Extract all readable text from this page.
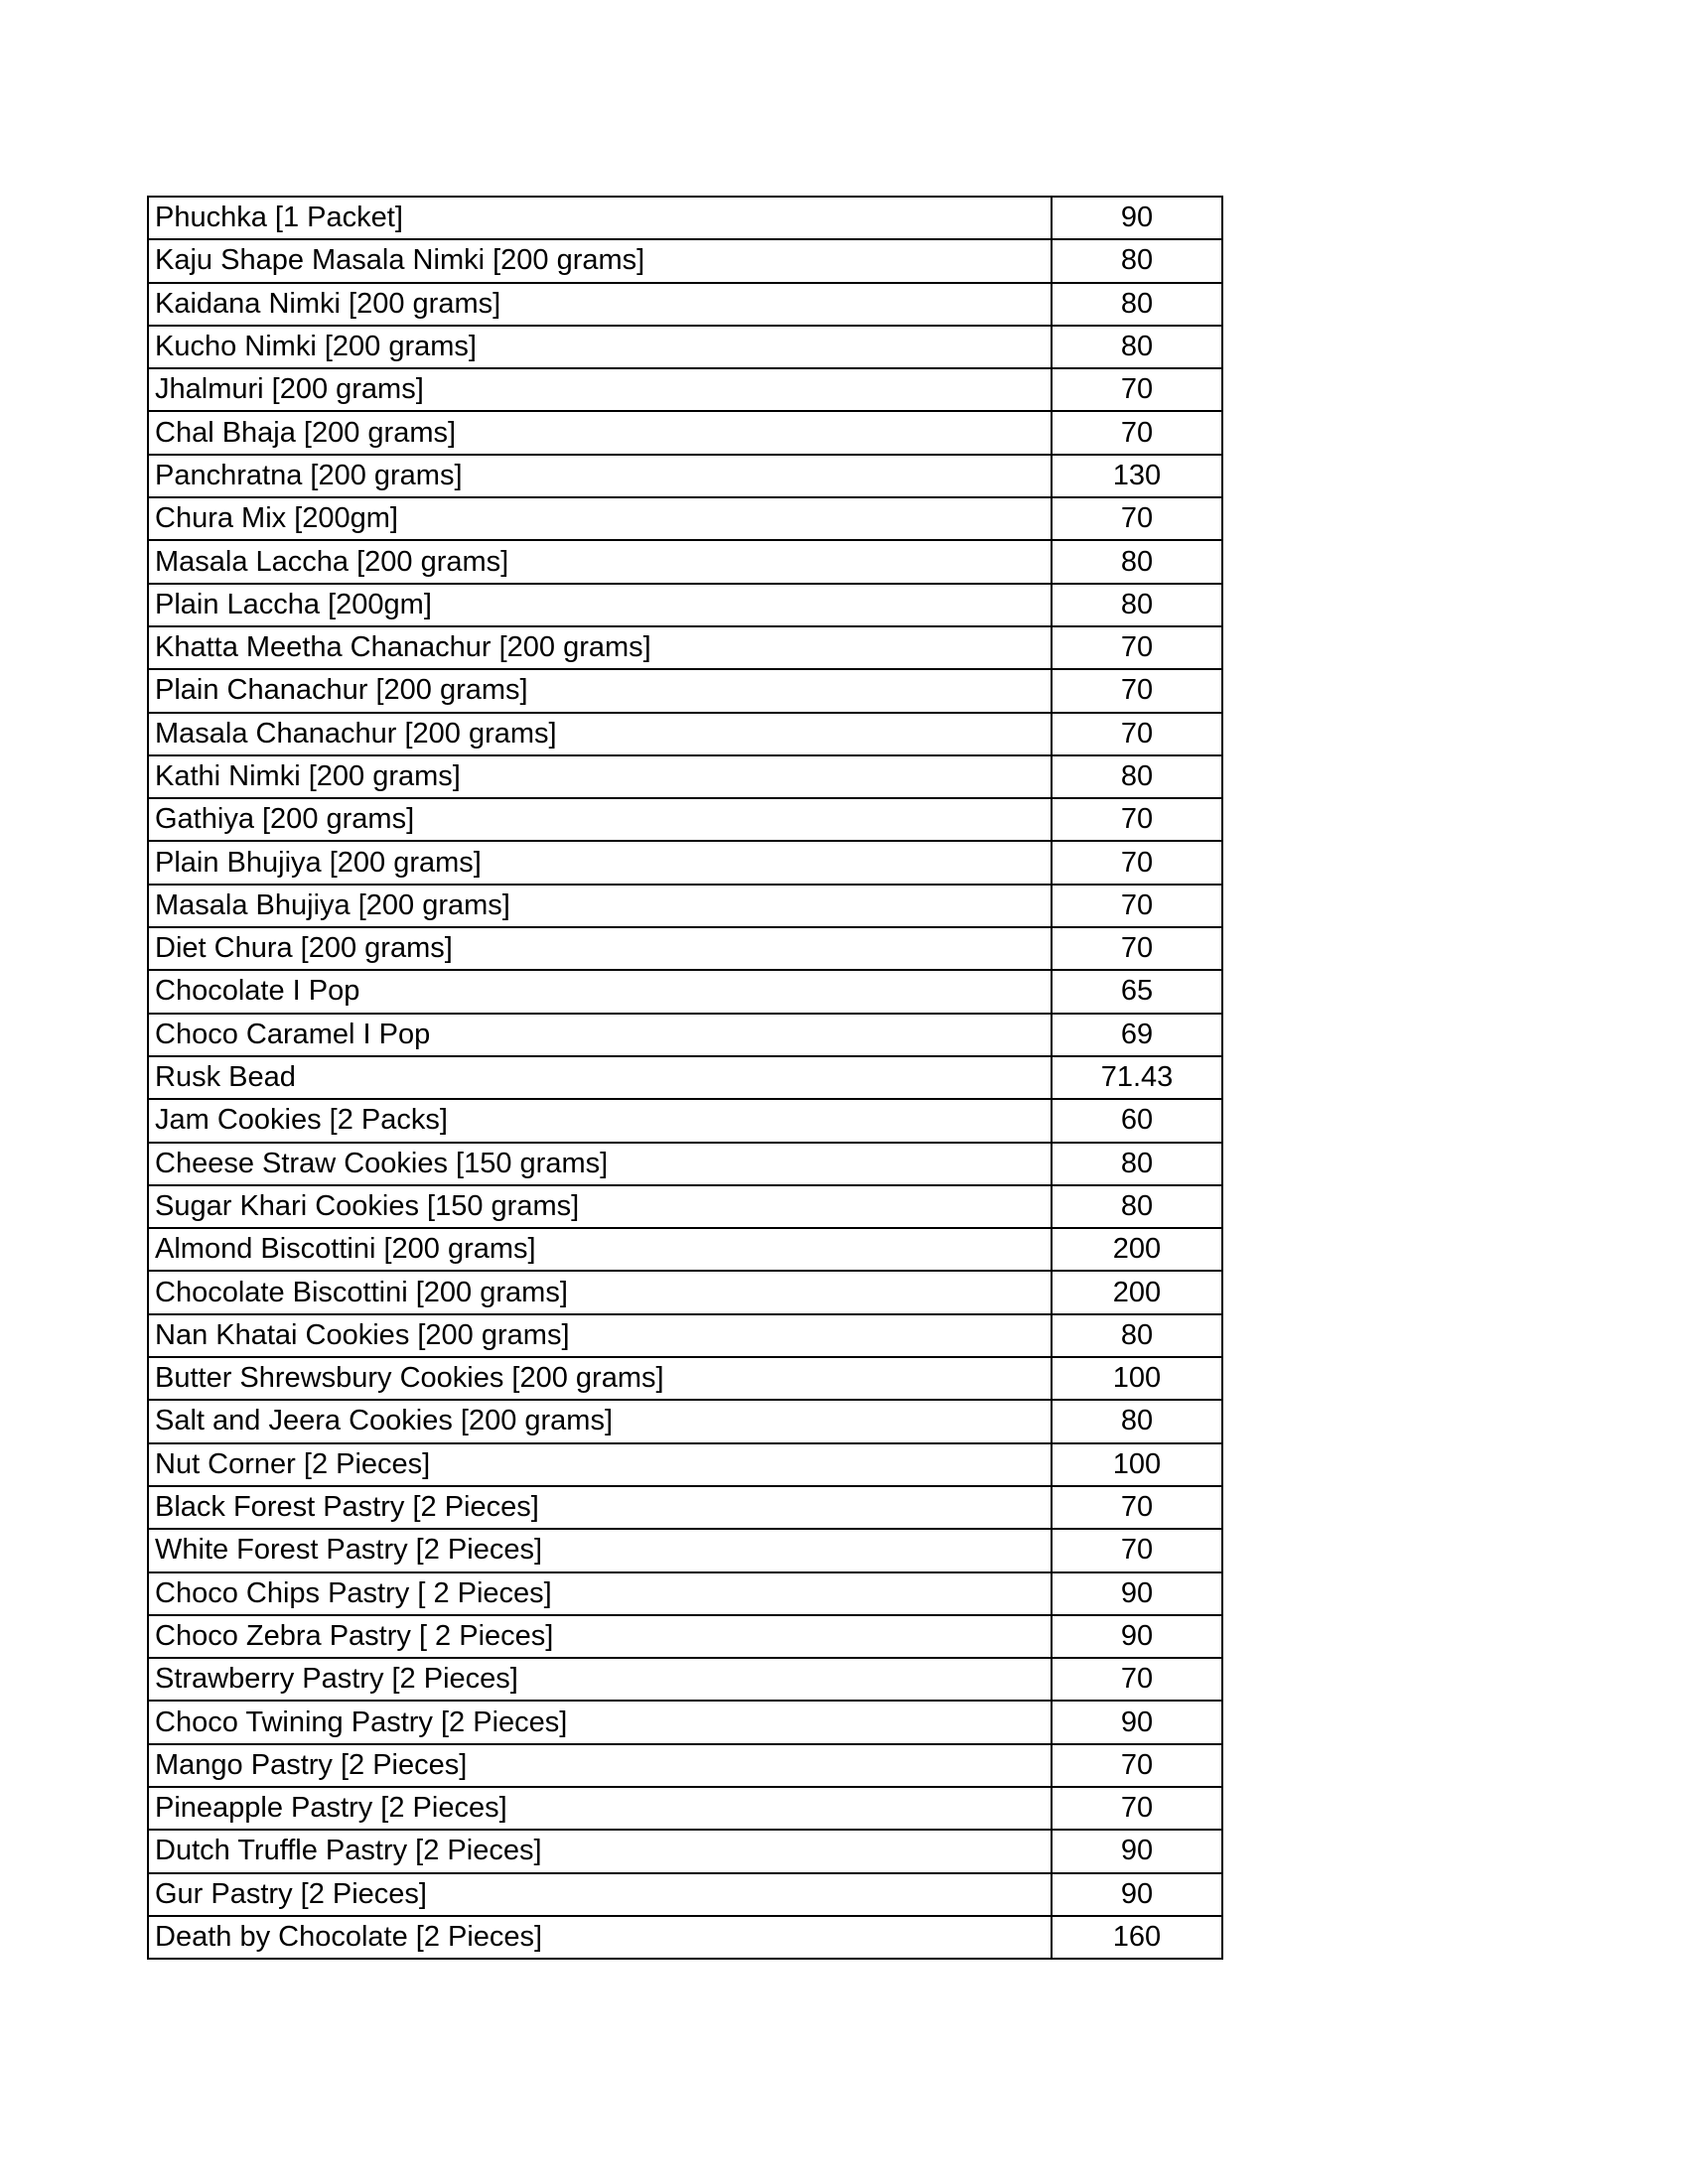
Phuchka [1 Packet]	90
Kaju Shape Masala Nimki [200 grams]	80
Kaidana Nimki [200 grams]	80
Kucho Nimki [200 grams]	80
Jhalmuri [200 grams]	70
Chal Bhaja [200 grams]	70
Panchratna [200 grams]	130
Chura Mix [200gm]	70
Masala Laccha [200 grams]	80
Plain Laccha [200gm]	80
Khatta Meetha Chanachur [200 grams]	70
Plain Chanachur [200 grams]	70
Masala Chanachur [200 grams]	70
Kathi Nimki [200 grams]	80
Gathiya [200 grams]	70
Plain Bhujiya [200 grams]	70
Masala Bhujiya [200 grams]	70
Diet Chura [200 grams]	70
Chocolate I Pop	65
Choco Caramel I Pop	69
Rusk Bead	71.43
Jam Cookies [2 Packs]	60
Cheese Straw Cookies [150 grams]	80
Sugar Khari Cookies [150 grams]	80
Almond Biscottini [200 grams]	200
Chocolate Biscottini [200 grams]	200
Nan Khatai Cookies [200 grams]	80
Butter Shrewsbury Cookies [200 grams]	100
Salt and Jeera Cookies [200 grams]	80
Nut Corner [2 Pieces]	100
Black Forest Pastry [2 Pieces]	70
White Forest Pastry [2 Pieces]	70
Choco Chips Pastry [ 2 Pieces]	90
Choco Zebra Pastry [ 2 Pieces]	90
Strawberry Pastry [2 Pieces]	70
Choco Twining Pastry [2 Pieces]	90
Mango Pastry [2 Pieces]	70
Pineapple Pastry [2 Pieces]	70
Dutch Truffle Pastry [2 Pieces]	90
Gur Pastry [2 Pieces]	90
Death by Chocolate [2 Pieces]	160
